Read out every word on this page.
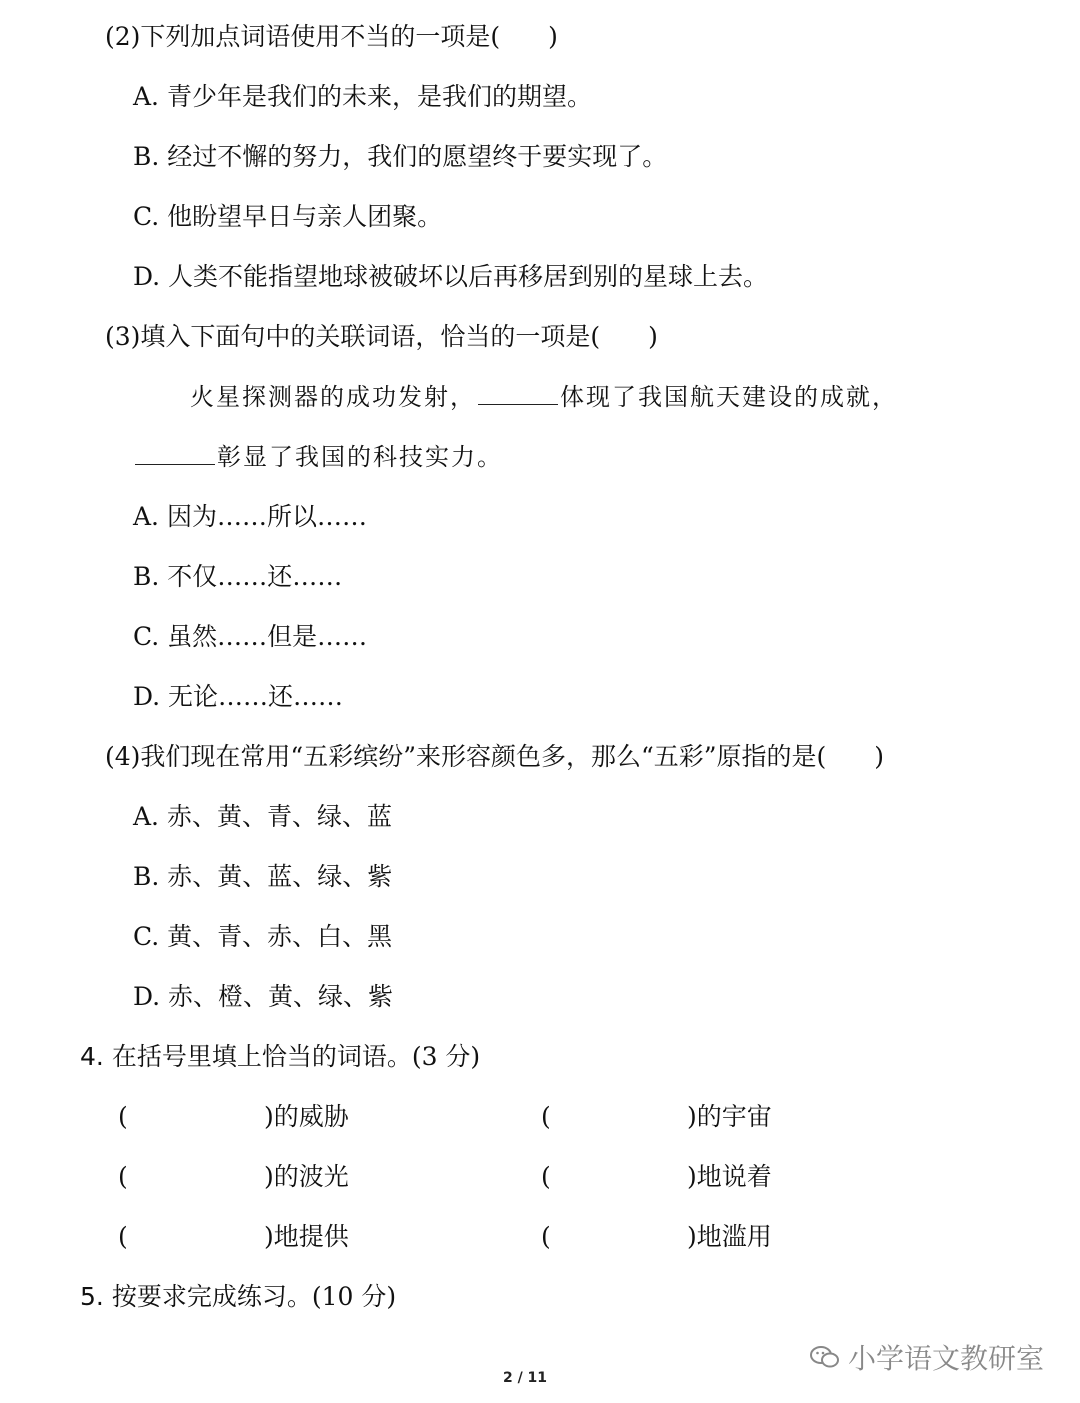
(2)下列加点词语使用不当的一项是( )
A. 青少年是我们的未来，是我们的期望。
B. 经过不懈的努力，我们的愿望终于要实现了。
C. 他盼望早日与亲人团聚。
D. 人类不能指望地球被破坏以后再移居到别的星球上去。
(3)填入下面句中的关联词语，恰当的一项是( )
火星探测器的成功发射，	体现了我国航天建设的成就，
彰显了我国的科技实力。
A. 因为……所以……
B. 不仅……还……
C. 虽然……但是……
D. 无论……还……
(4)我们现在常用“五彩缤纷”来形容颜色多，那么“五彩”原指的是( )
A. 赤、黄、青、绿、蓝
B. 赤、黄、蓝、绿、紫
C. 黄、青、赤、白、黑
D. 赤、橙、黄、绿、紫
4. 在括号里填上恰当的词语。(3 分)
(	)的威胁	(	)的宇宙
(	)的波光	(	)地说着
(	)地提供	(	)地滥用
5. 按要求完成练习。(10 分)
小学语文教研室
2 / 11
